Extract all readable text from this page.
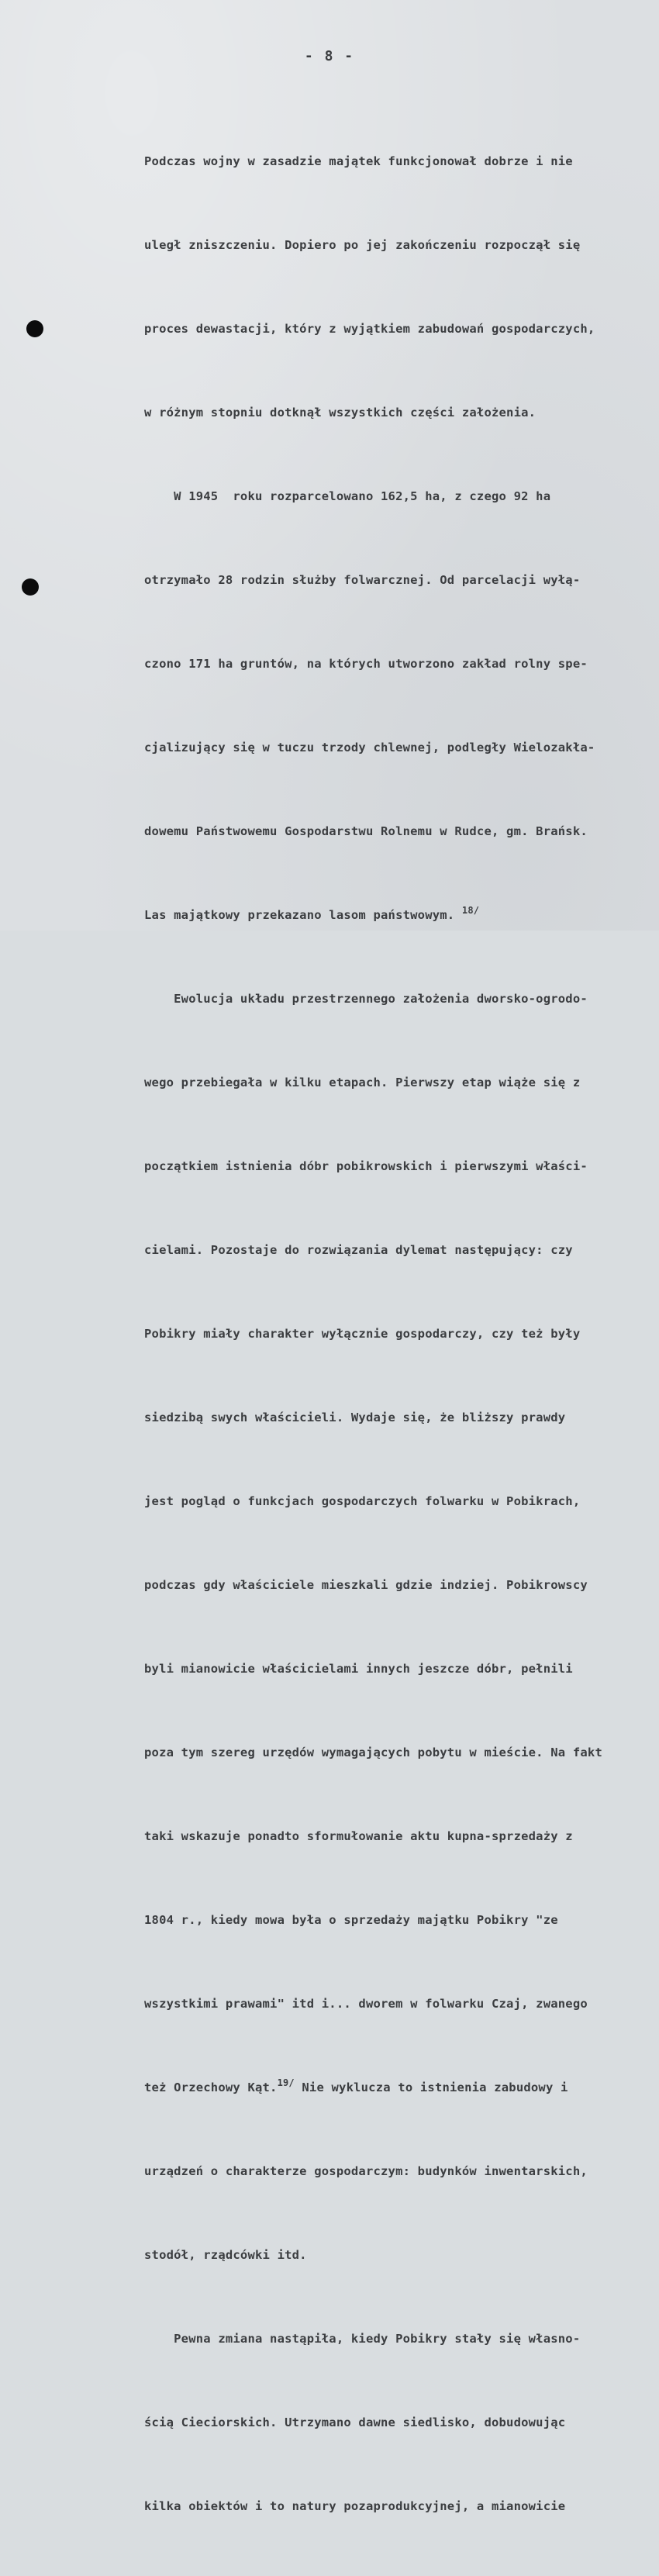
- 8 -

Podczas wojny w zasadzie majątek funkcjonował dobrze i nie

uległ zniszczeniu. Dopiero po jej zakończeniu rozpoczął się

proces dewastacji, który z wyjątkiem zabudowań gospodarczych,

w różnym stopniu dotknął wszystkich części założenia.

W 1945  roku rozparcelowano 162,5 ha, z czego 92 ha

otrzymało 28 rodzin służby folwarcznej. Od parcelacji wyłą-

czono 171 ha gruntów, na których utworzono zakład rolny spe-

cjalizujący się w tuczu trzody chlewnej, podległy Wielozakła-

dowemu Państwowemu Gospodarstwu Rolnemu w Rudce, gm. Brańsk.

Las majątkowy przekazano lasom państwowym. $^{18/}$

Ewolucja układu przestrzennego założenia dworsko-ogrodo-

wego przebiegała w kilku etapach. Pierwszy etap wiąże się z

początkiem istnienia dóbr pobikrowskich i pierwszymi właści-

cielami. Pozostaje do rozwiązania dylemat następujący: czy

Pobikry miały charakter wyłącznie gospodarczy, czy też były

siedzibą swych właścicieli. Wydaje się, że bliższy prawdy

jest pogląd o funkcjach gospodarczych folwarku w Pobikrach,

podczas gdy właściciele mieszkali gdzie indziej. Pobikrowscy

byli mianowicie właścicielami innych jeszcze dóbr, pełnili

poza tym szereg urzędów wymagających pobytu w mieście. Na fakt

taki wskazuje ponadto sformułowanie aktu kupna-sprzedaży z

1804 r., kiedy mowa była o sprzedaży majątku Pobikry "ze

wszystkimi prawami" itd i... dworem w folwarku Czaj, zwanego

też Orzechowy Kąt.$^{19/}$ Nie wyklucza to istnienia zabudowy i

urządzeń o charakterze gospodarczym: budynków inwentarskich,

stodół, rządcówki itd.

Pewna zmiana nastąpiła, kiedy Pobikry stały się własno-

ścią Cieciorskich. Utrzymano dawne siedlisko, dobudowując

kilka obiektów i to natury pozaprodukcyjnej, a mianowicie
